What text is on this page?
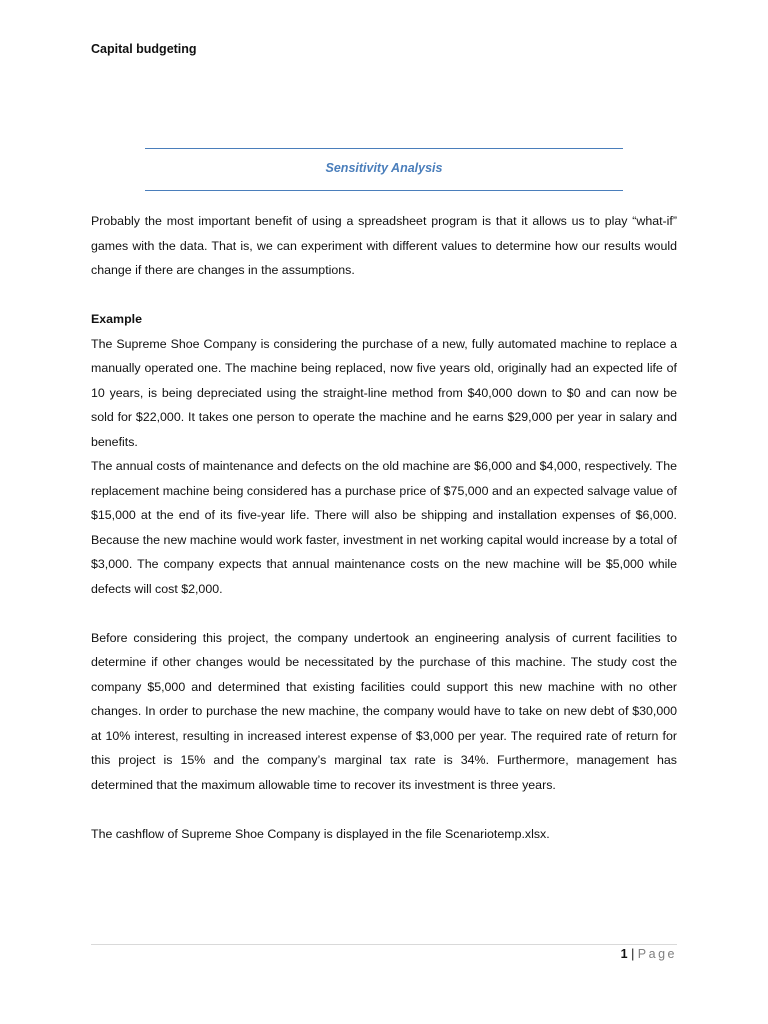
Capital budgeting
Sensitivity Analysis

Probably the most important benefit of using a spreadsheet program is that it allows us to play “what-if” games with the data. That is, we can experiment with different values to determine how our results would change if there are changes in the assumptions.

Example

The Supreme Shoe Company is considering the purchase of a new, fully automated machine to replace a manually operated one. The machine being replaced, now five years old, originally had an expected life of 10 years, is being depreciated using the straight-line method from $40,000 down to $0 and can now be sold for $22,000. It takes one person to operate the machine and he earns $29,000 per year in salary and benefits.

The annual costs of maintenance and defects on the old machine are $6,000 and $4,000, respectively. The replacement machine being considered has a purchase price of $75,000 and an expected salvage value of $15,000 at the end of its five-year life. There will also be shipping and installation expenses of $6,000. Because the new machine would work faster, investment in net working capital would increase by a total of $3,000. The company expects that annual maintenance costs on the new machine will be $5,000 while defects will cost $2,000.

Before considering this project, the company undertook an engineering analysis of current facilities to determine if other changes would be necessitated by the purchase of this machine. The study cost the company $5,000 and determined that existing facilities could support this new machine with no other changes. In order to purchase the new machine, the company would have to take on new debt of $30,000 at 10% interest, resulting in increased interest expense of $3,000 per year. The required rate of return for this project is 15% and the company’s marginal tax rate is 34%. Furthermore, management has determined that the maximum allowable time to recover its investment is three years.

The cashflow of Supreme Shoe Company is displayed in the file Scenariotemp.xlsx.

1 | Page
